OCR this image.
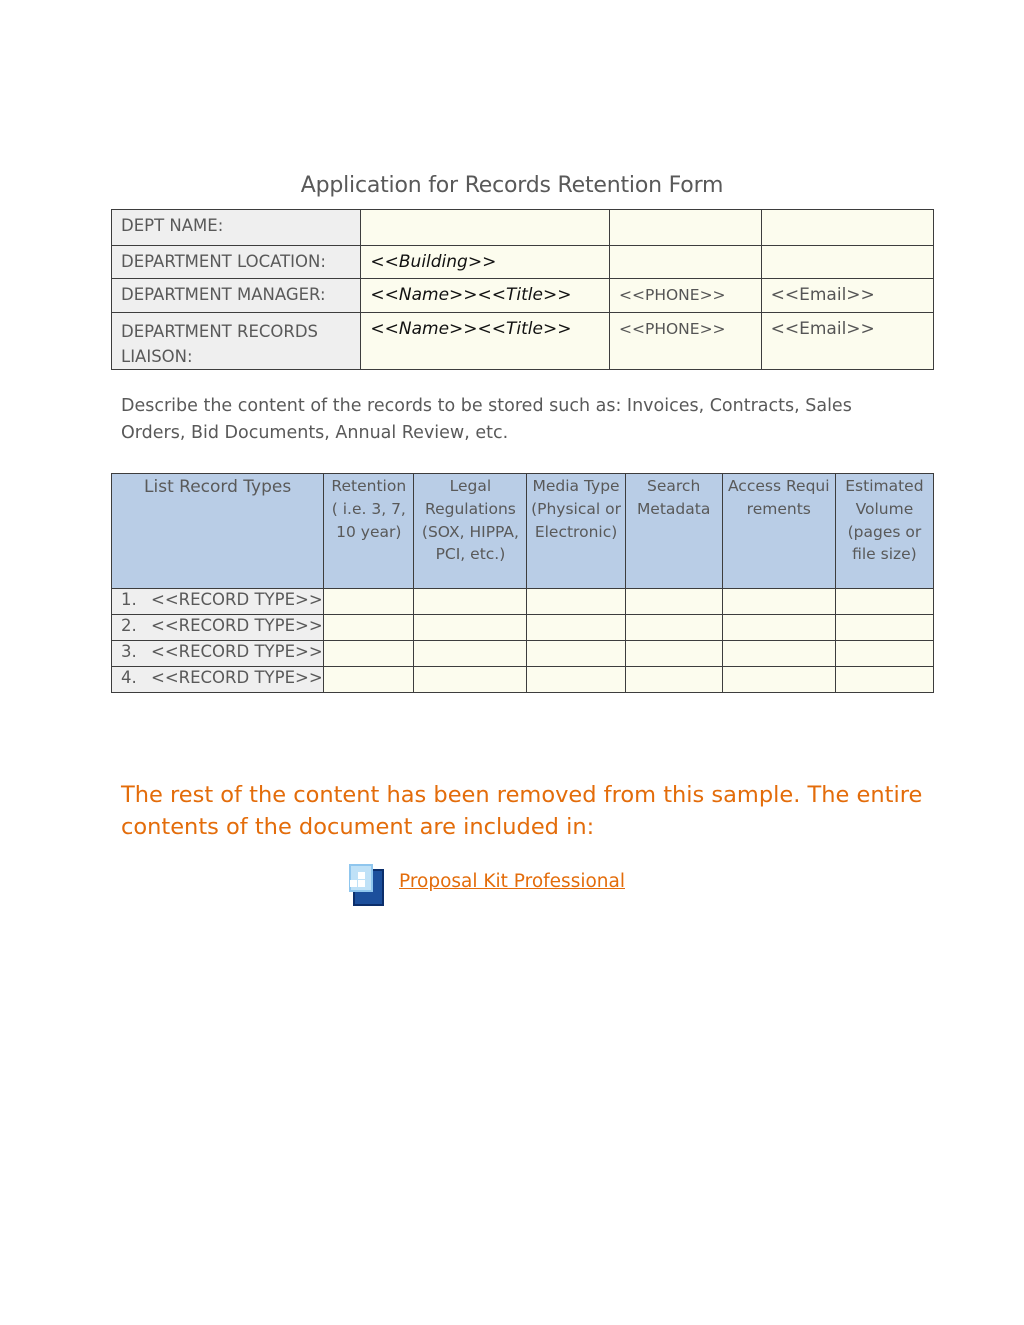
Application for Records Retention Form
DEPT NAME:			
DEPARTMENT LOCATION:	<<Building>>		
DEPARTMENT MANAGER:	<<Name>><<Title>>	<<PHONE>>	<<Email>>
DEPARTMENT RECORDS LIAISON:	<<Name>><<Title>>	<<PHONE>>	<<Email>>
Describe the content of the records to be stored such as: Invoices, Contracts, Sales Orders, Bid Documents, Annual Review, etc.
List Record Types	Retention ( i.e. 3, 7, 10 year)	Legal Regulations (SOX, HIPPA, PCI, etc.)	Media Type (Physical or Electronic)	Search Metadata	Access Requirements	Estimated Volume (pages or file size)
1. <<RECORD TYPE>>						
2. <<RECORD TYPE>>						
3. <<RECORD TYPE>>						
4. <<RECORD TYPE>>						
The rest of the content has been removed from this sample. The entire contents of the document are included in:
Proposal Kit Professional
